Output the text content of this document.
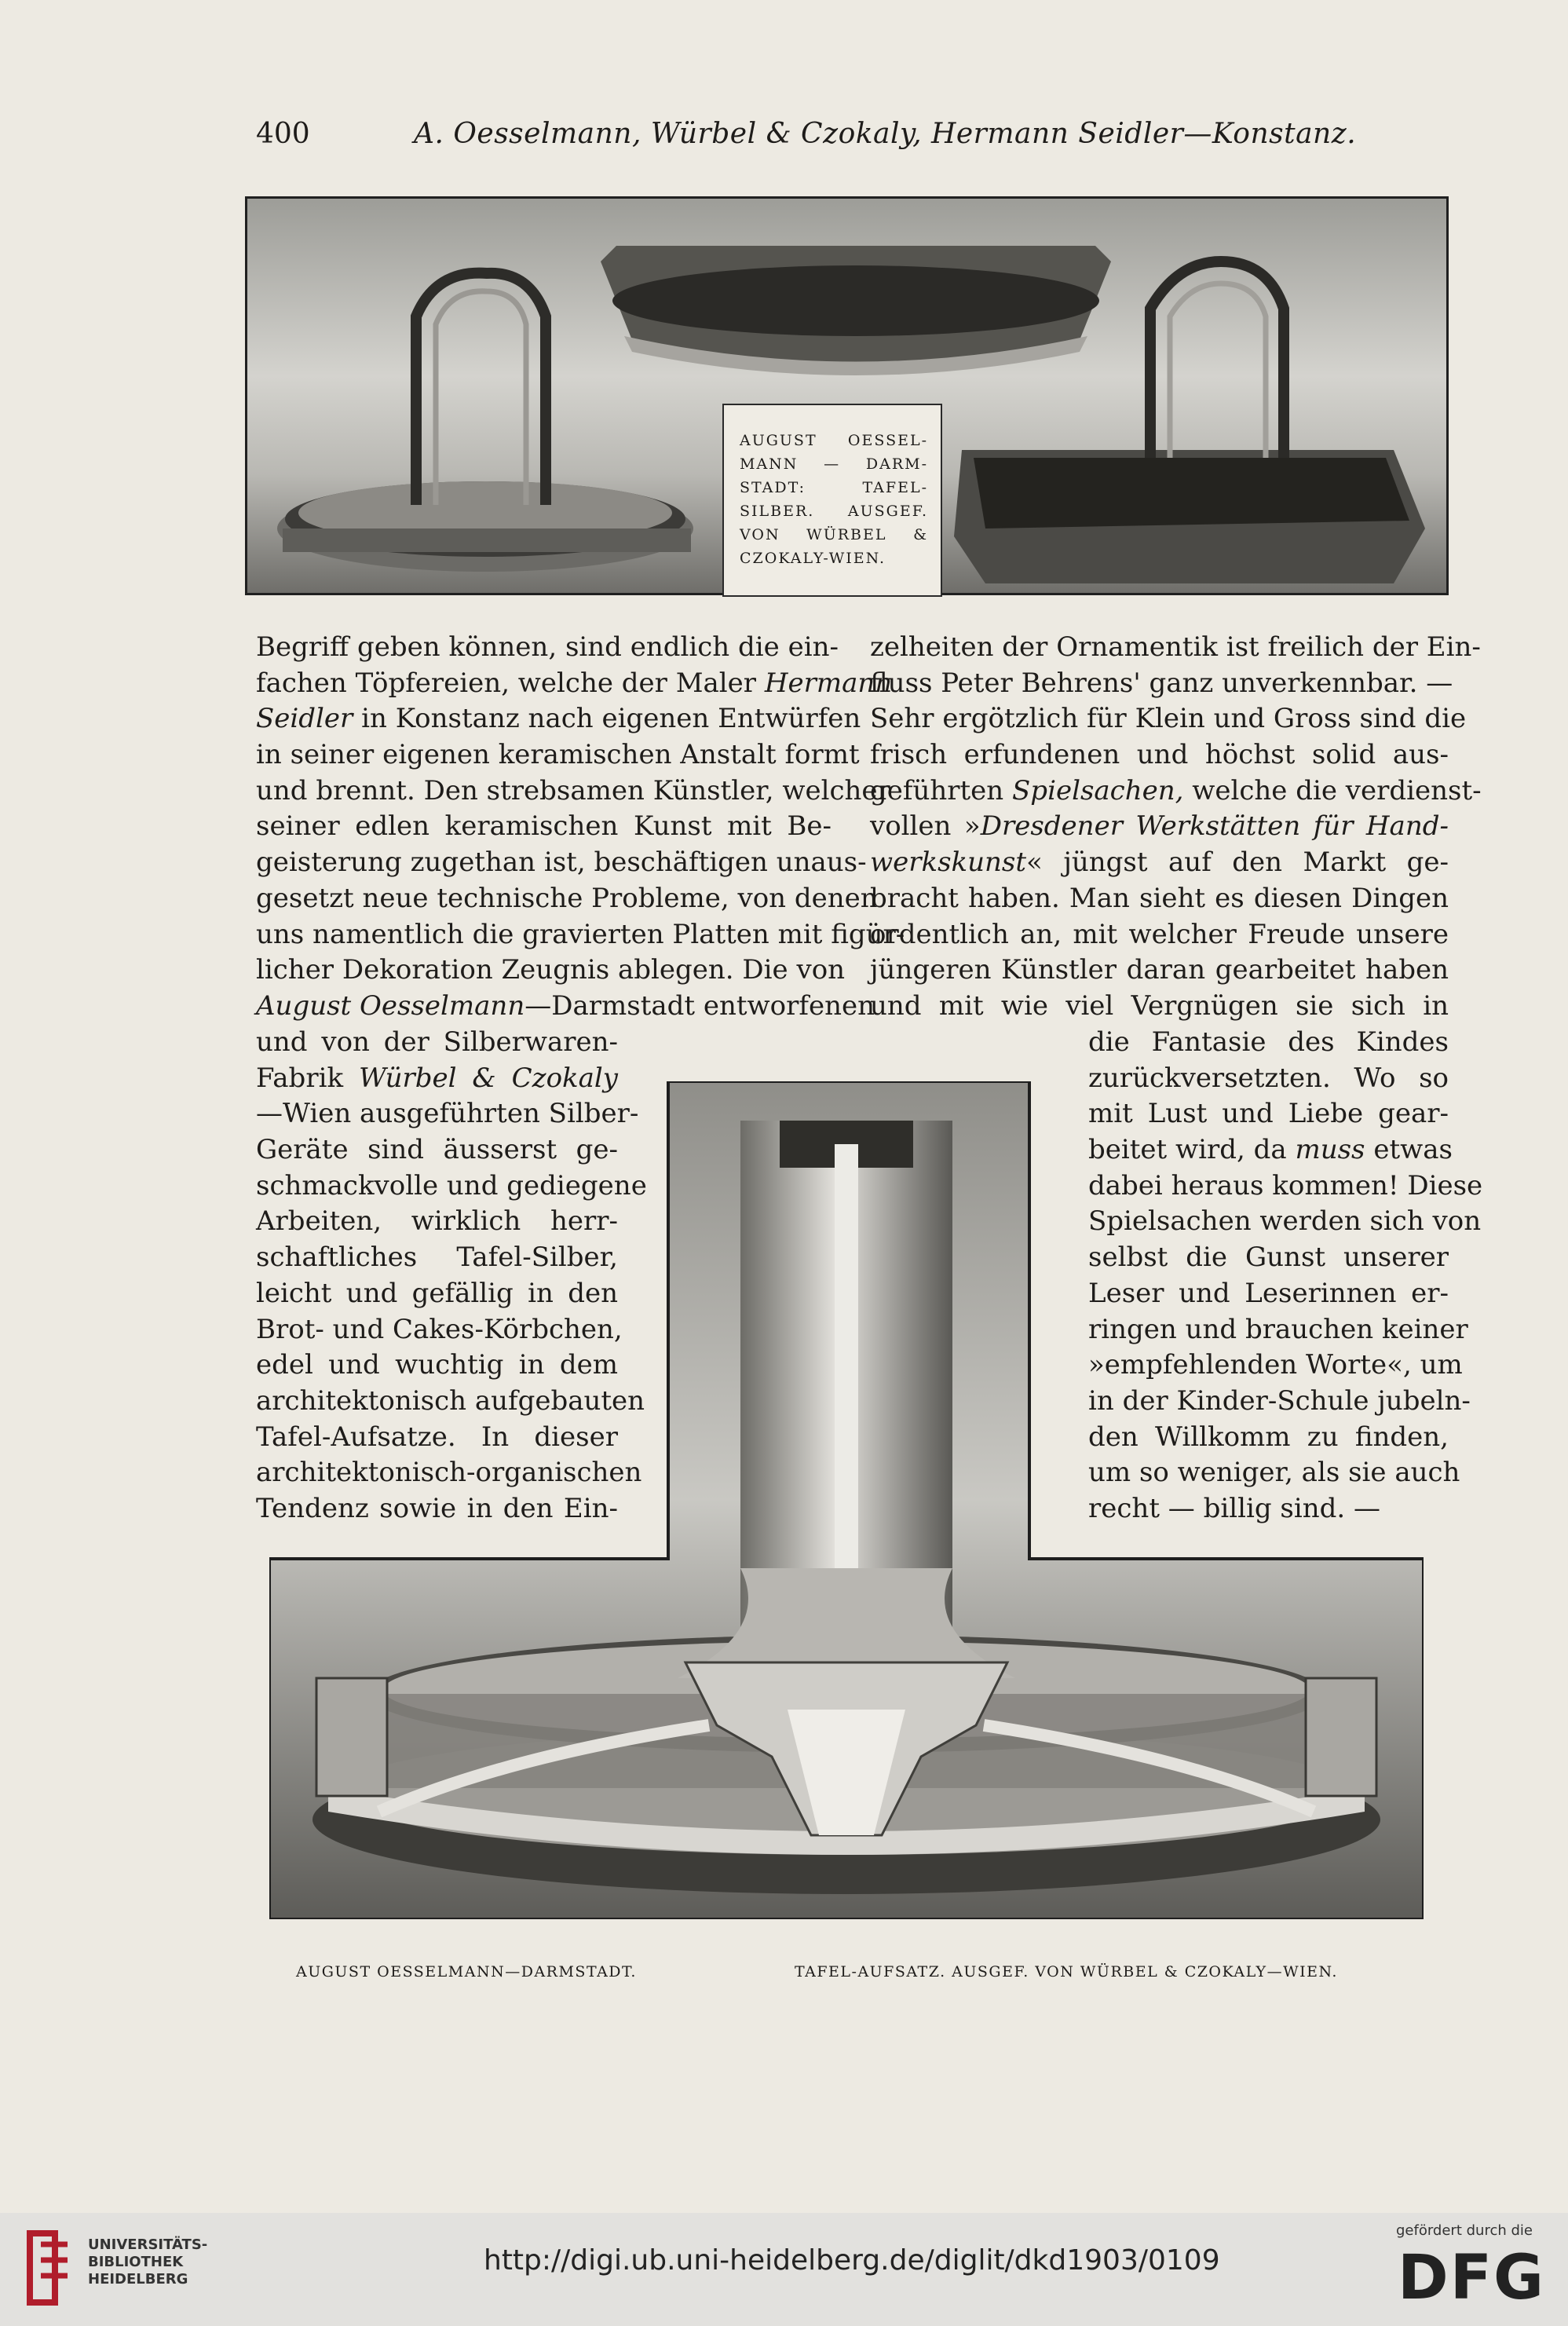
400	A. Oesselmann, Würbel & Czokaly, Hermann Seidler—Konstanz.
AUGUST OESSEL-
MANN — DARM-
STADT: TAFEL-
SILBER. AUSGEF.
VON WÜRBEL &
CZOKALY-WIEN.
Begriff geben können, sind endlich die ein-
fachen Töpfereien, welche der Maler Hermann
Seidler in Konstanz nach eigenen Entwürfen
in seiner eigenen keramischen Anstalt formt
und brennt. Den strebsamen Künstler, welcher
seiner edlen keramischen Kunst mit Be-
geisterung zugethan ist, beschäftigen unaus-
gesetzt neue technische Probleme, von denen
uns namentlich die gravierten Platten mit figür-
licher Dekoration Zeugnis ablegen. Die von
August Oesselmann—Darmstadt entworfenen
und von der Silberwaren-
Fabrik Würbel & Czokaly
—Wien ausgeführten Silber-
Geräte sind äusserst ge-
schmackvolle und gediegene
Arbeiten, wirklich herr-
schaftliches Tafel-Silber,
leicht und gefällig in den
Brot- und Cakes-Körbchen,
edel und wuchtig in dem
architektonisch aufgebauten
Tafel-Aufsatze. In dieser
architektonisch-organischen
Tendenz sowie in den Ein-
zelheiten der Ornamentik ist freilich der Ein-
fluss Peter Behrens' ganz unverkennbar. —
Sehr ergötzlich für Klein und Gross sind die
frisch erfundenen und höchst solid aus-
geführten Spielsachen, welche die verdienst-
vollen »Dresdener Werkstätten für Hand-
werkskunst« jüngst auf den Markt ge-
bracht haben. Man sieht es diesen Dingen
ordentlich an, mit welcher Freude unsere
jüngeren Künstler daran gearbeitet haben
und mit wie viel Vergnügen sie sich in
die Fantasie des Kindes
zurückversetzten. Wo so
mit Lust und Liebe gear-
beitet wird, da muss etwas
dabei heraus kommen! Diese
Spielsachen werden sich von
selbst die Gunst unserer
Leser und Leserinnen er-
ringen und brauchen keiner
»empfehlenden Worte«, um
in der Kinder-Schule jubeln-
den Willkomm zu finden,
um so weniger, als sie auch
recht — billig sind. —
AUGUST OESSELMANN—DARMSTADT.	TAFEL-AUFSATZ. AUSGEF. VON WÜRBEL & CZOKALY—WIEN.
UNIVERSITÄTS-
BIBLIOTHEK
HEIDELBERG
http://digi.ub.uni-heidelberg.de/diglit/dkd1903/0109
gefördert durch die
DFG
